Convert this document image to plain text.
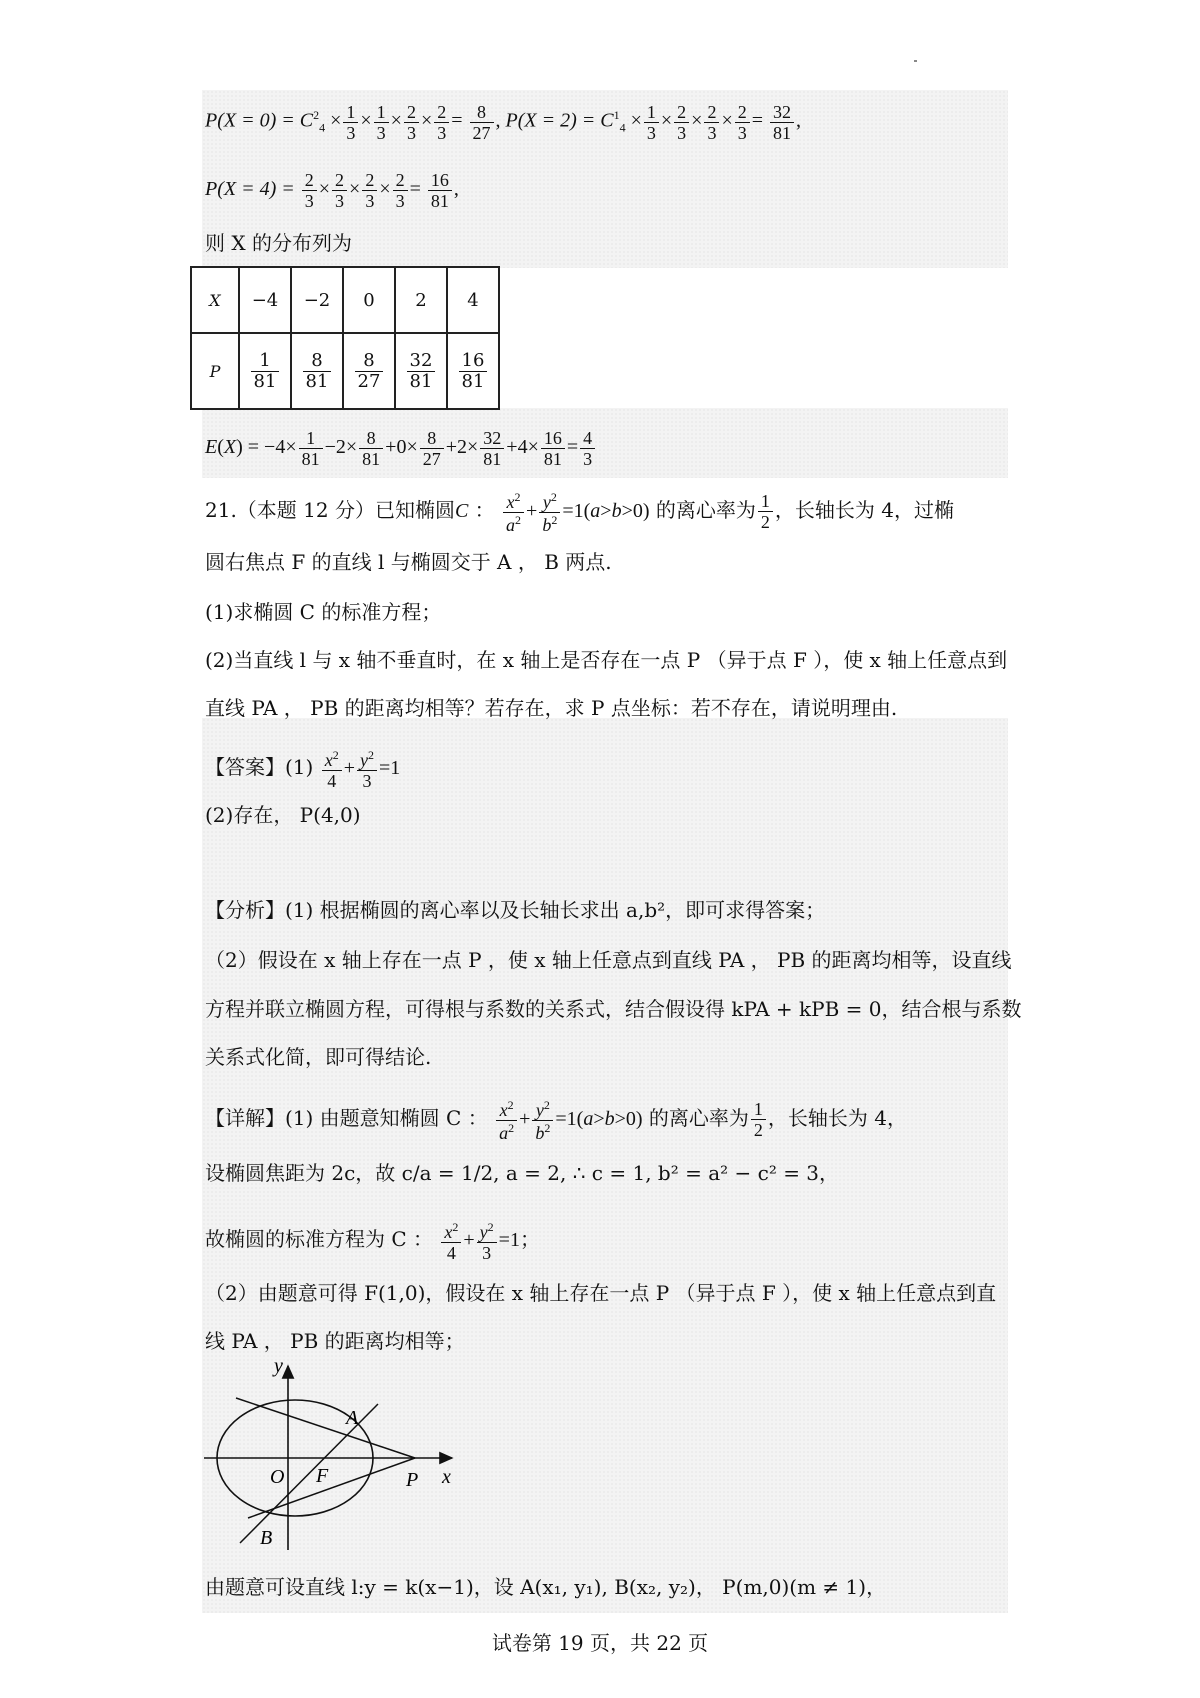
$P(X = 0) = C^2_4 \times \frac{1}{3} \times \frac{1}{3} \times \frac{2}{3} \times \frac{2}{3} = \frac{8}{27}$ , $P(X = 2) = C^1_4 \times \frac{1}{3} \times \frac{2}{3} \times \frac{2}{3} \times \frac{2}{3} = \frac{32}{81}$ ,
$P(X = 4) = \frac{2}{3} \times \frac{2}{3} \times \frac{2}{3} \times \frac{2}{3} = \frac{16}{81}$ ,
则 X 的分布列为
X	−4	−2	0	2	4
P	$\frac{1}{81}$	$\frac{8}{81}$	$\frac{8}{27}$	$\frac{32}{81}$	$\frac{16}{81}$
$E(X) = -4\times \frac{1}{81} -2\times \frac{8}{81} +0\times \frac{8}{27} +2\times \frac{32}{81} +4\times \frac{16}{81} = \frac{4}{3}$
21.（本题 12 分）已知椭圆C ： $\frac{x^2}{a^2} + \frac{y^2}{b^2} =1(a>b>0)$ 的离心率为 $\frac{1}{2}$ ，长轴长为 4，过椭
圆右焦点 F 的直线 l 与椭圆交于 A ， B 两点.
(1)求椭圆 C 的标准方程；
(2)当直线 l 与 x 轴不垂直时，在 x 轴上是否存在一点 P （异于点 F ），使 x 轴上任意点到
直线 PA ， PB 的距离均相等？若存在，求 P 点坐标：若不存在，请说明理由.
【答案】$(1) \frac{x^2}{4} + \frac{y^2}{3} =1$
(2)存在， P(4,0)
【分析】(1) 根据椭圆的离心率以及长轴长求出 a,b²，即可求得答案；
（2）假设在 x 轴上存在一点 P ，使 x 轴上任意点到直线 PA ， PB 的距离均相等，设直线
方程并联立椭圆方程，可得根与系数的关系式，结合假设得 kPA + kPB = 0，结合根与系数
关系式化简，即可得结论.
【详解】(1) 由题意知椭圆 C ： $\frac{x^2}{a^2} + \frac{y^2}{b^2} =1(a>b>0)$ 的离心率为 $\frac{1}{2}$ ，长轴长为 4，
设椭圆焦距为 2c，故 c/a = 1/2, a = 2, ∴ c = 1, b² = a² − c² = 3，
故椭圆的标准方程为 C ： $\frac{x^2}{4} + \frac{y^2}{3} =1$；
（2）由题意可得 F(1,0)，假设在 x 轴上存在一点 P （异于点 F ），使 x 轴上任意点到直
线 PA ， PB 的距离均相等；
y
x
O F	P
A
B
由题意可设直线 l:y = k(x−1)，设 A(x₁, y₁), B(x₂, y₂)， P(m,0)(m ≠ 1)，
试卷第 19 页，共 22 页
